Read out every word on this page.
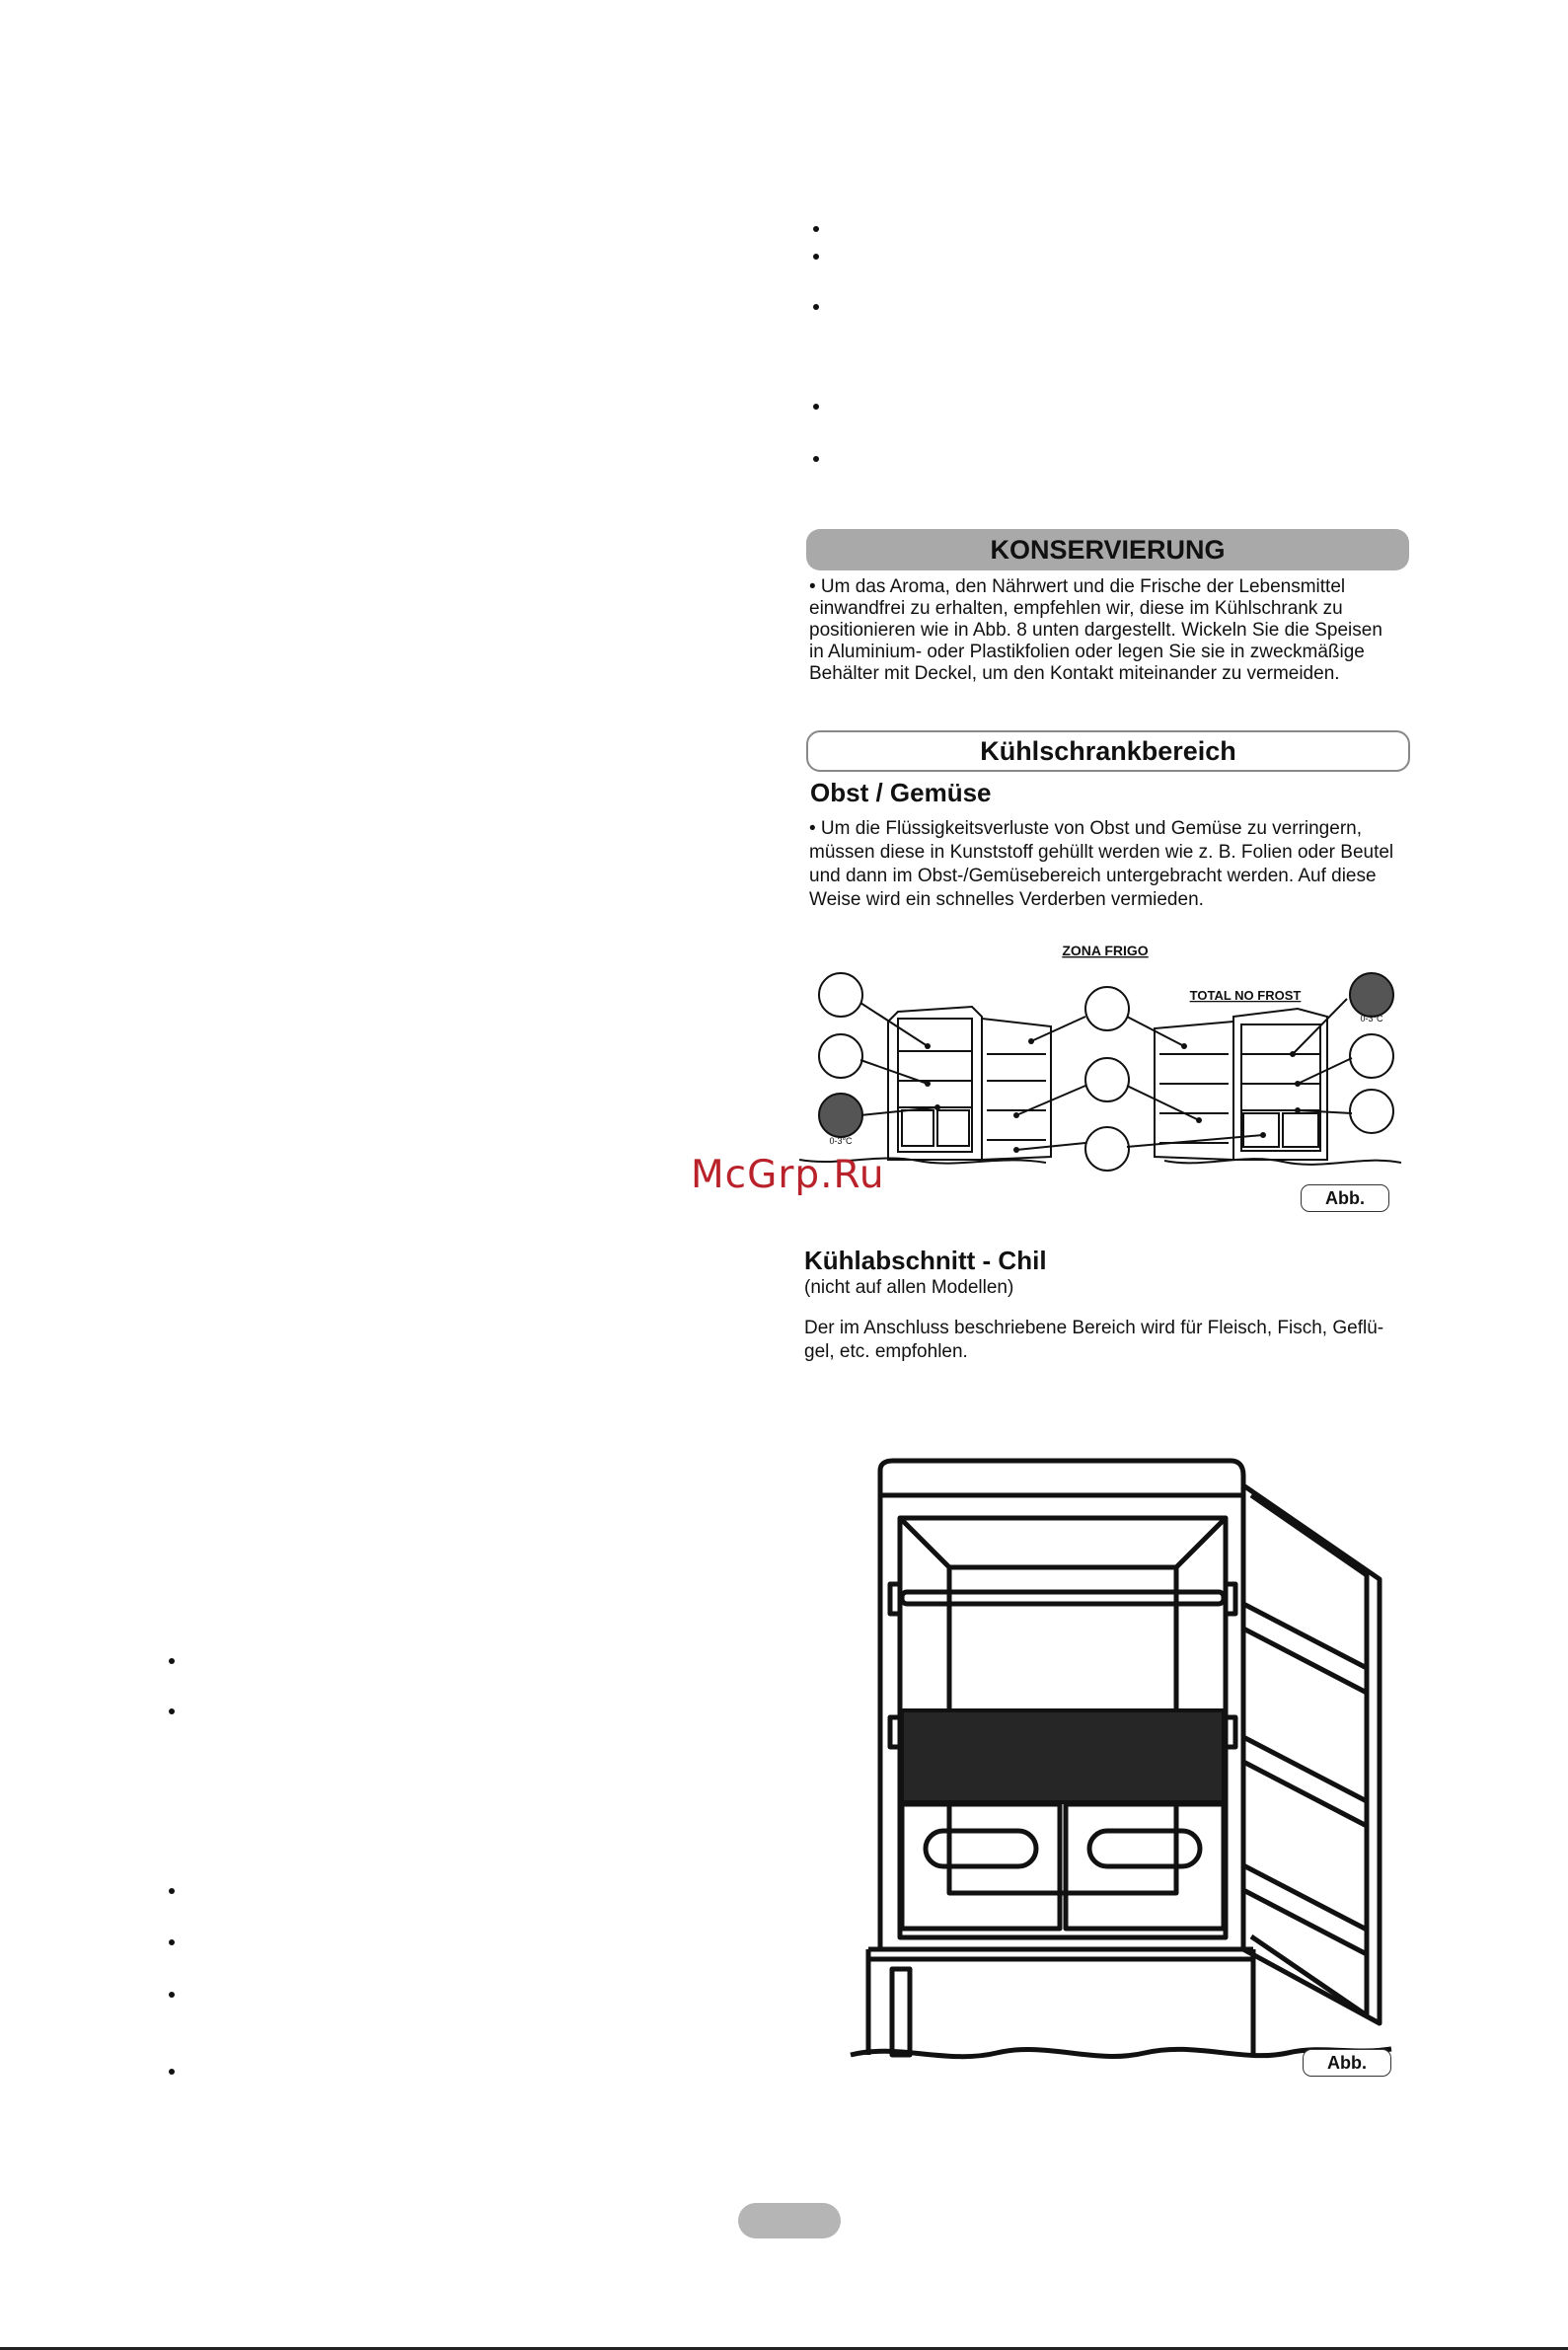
KONSERVIERUNG

• Um das Aroma, den Nährwert und die Frische der Lebensmittel

einwandfrei zu erhalten, empfehlen wir, diese im Kühlschrank zu

positionieren wie in Abb. 8 unten dargestellt. Wickeln Sie die Speisen

in Aluminium- oder Plastikfolien oder legen Sie sie in zweckmäßige

Behälter mit Deckel, um den Kontakt miteinander zu vermeiden.

Kühlschrankbereich
Obst / Gemüse

• Um die Flüssigkeitsverluste von Obst und Gemüse zu verringern,

müssen diese in Kunststoff gehüllt werden wie z. B. Folien oder Beutel

und dann im Obst-/Gemüsebereich untergebracht werden. Auf diese

Weise wird ein schnelles Verderben vermieden.

ZONA FRIGO
TOTAL NO FROST
0-3°C
0-3°C
McGrp.Ru
Abb.
Kühlabschnitt - Chil
(nicht auf allen Modellen)

Der im Anschluss beschriebene Bereich wird für Fleisch, Fisch, Geflü-

gel, etc. empfohlen.

Abb.
